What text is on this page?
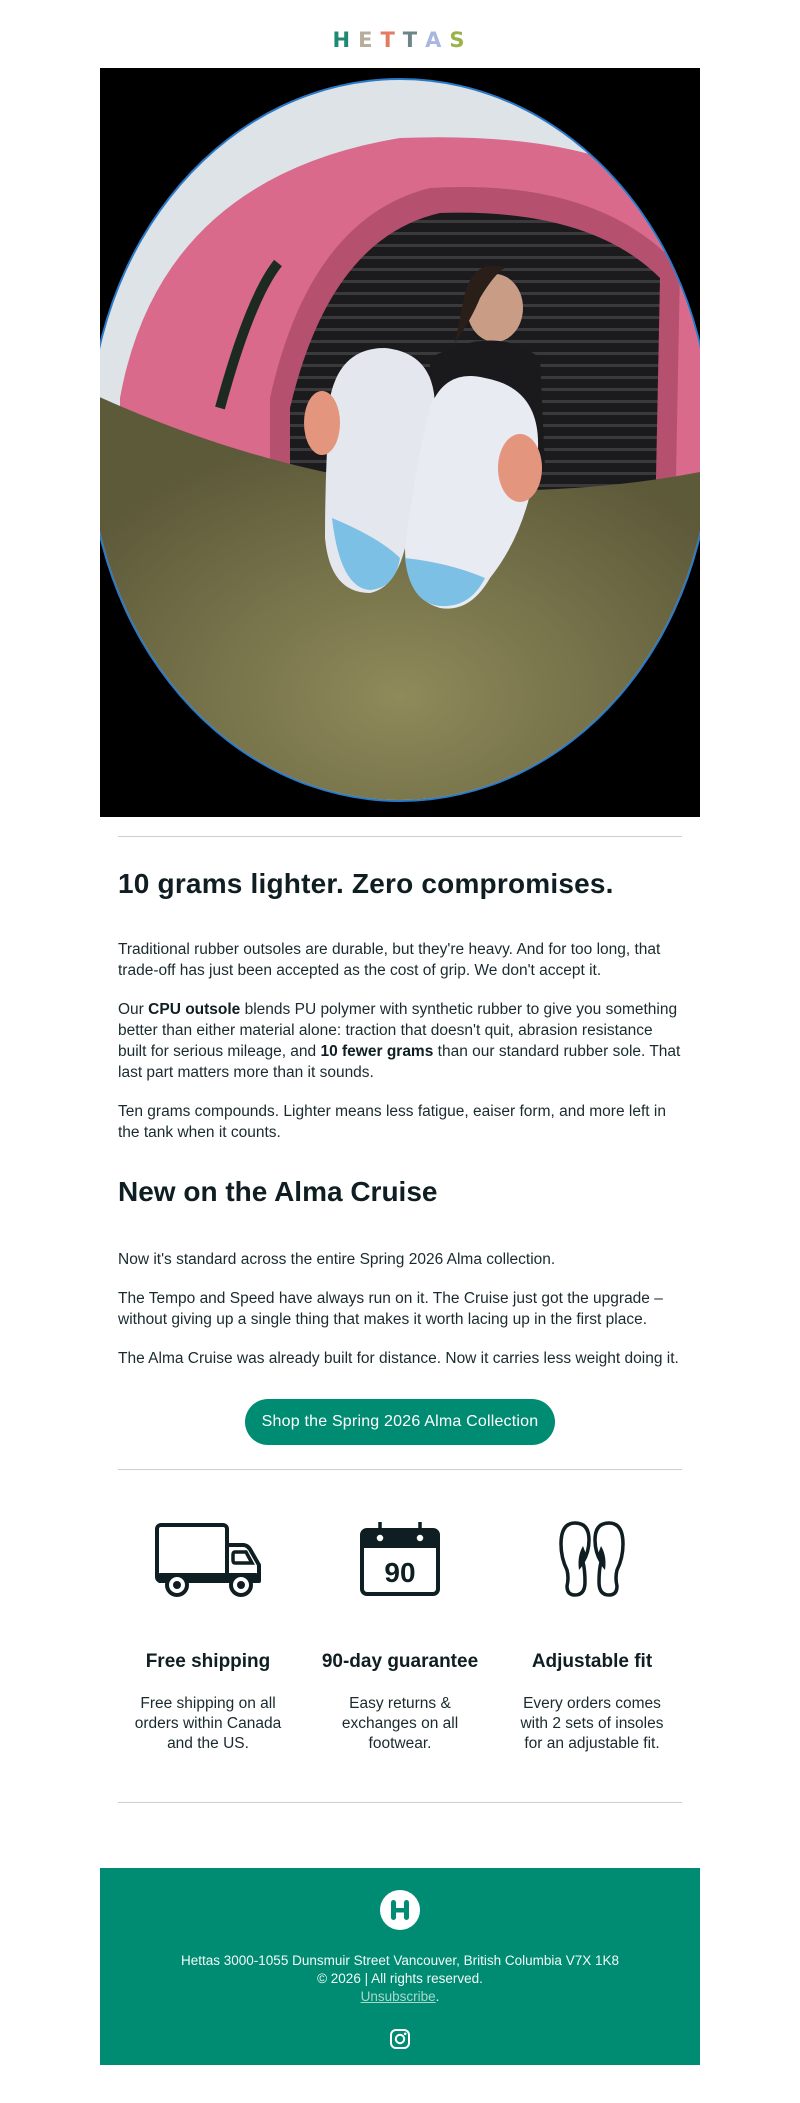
H E T T A S
10 grams lighter. Zero compromises.

Traditional rubber outsoles are durable, but they're heavy. And for too long, that trade-off has just been accepted as the cost of grip. We don't accept it.

Our CPU outsole blends PU polymer with synthetic rubber to give you something better than either material alone: traction that doesn't quit, abrasion resistance built for serious mileage, and 10 fewer grams than our standard rubber sole. That last part matters more than it sounds.

Ten grams compounds. Lighter means less fatigue, eaiser form, and more left in the tank when it counts.

New on the Alma Cruise

Now it's standard across the entire Spring 2026 Alma collection.

The Tempo and Speed have always run on it. The Cruise just got the upgrade – without giving up a single thing that makes it worth lacing up in the first place.

The Alma Cruise was already built for distance. Now it carries less weight doing it.

Shop the Spring 2026 Alma Collection
Free shipping

Free shipping on all orders within Canada and the US.

90
90-day guarantee

Easy returns & exchanges on all footwear.

Adjustable fit

Every orders comes with 2 sets of insoles for an adjustable fit.

Hettas 3000-1055 Dunsmuir Street Vancouver, British Columbia V7X 1K8
© 2026 | All rights reserved.
Unsubscribe.
